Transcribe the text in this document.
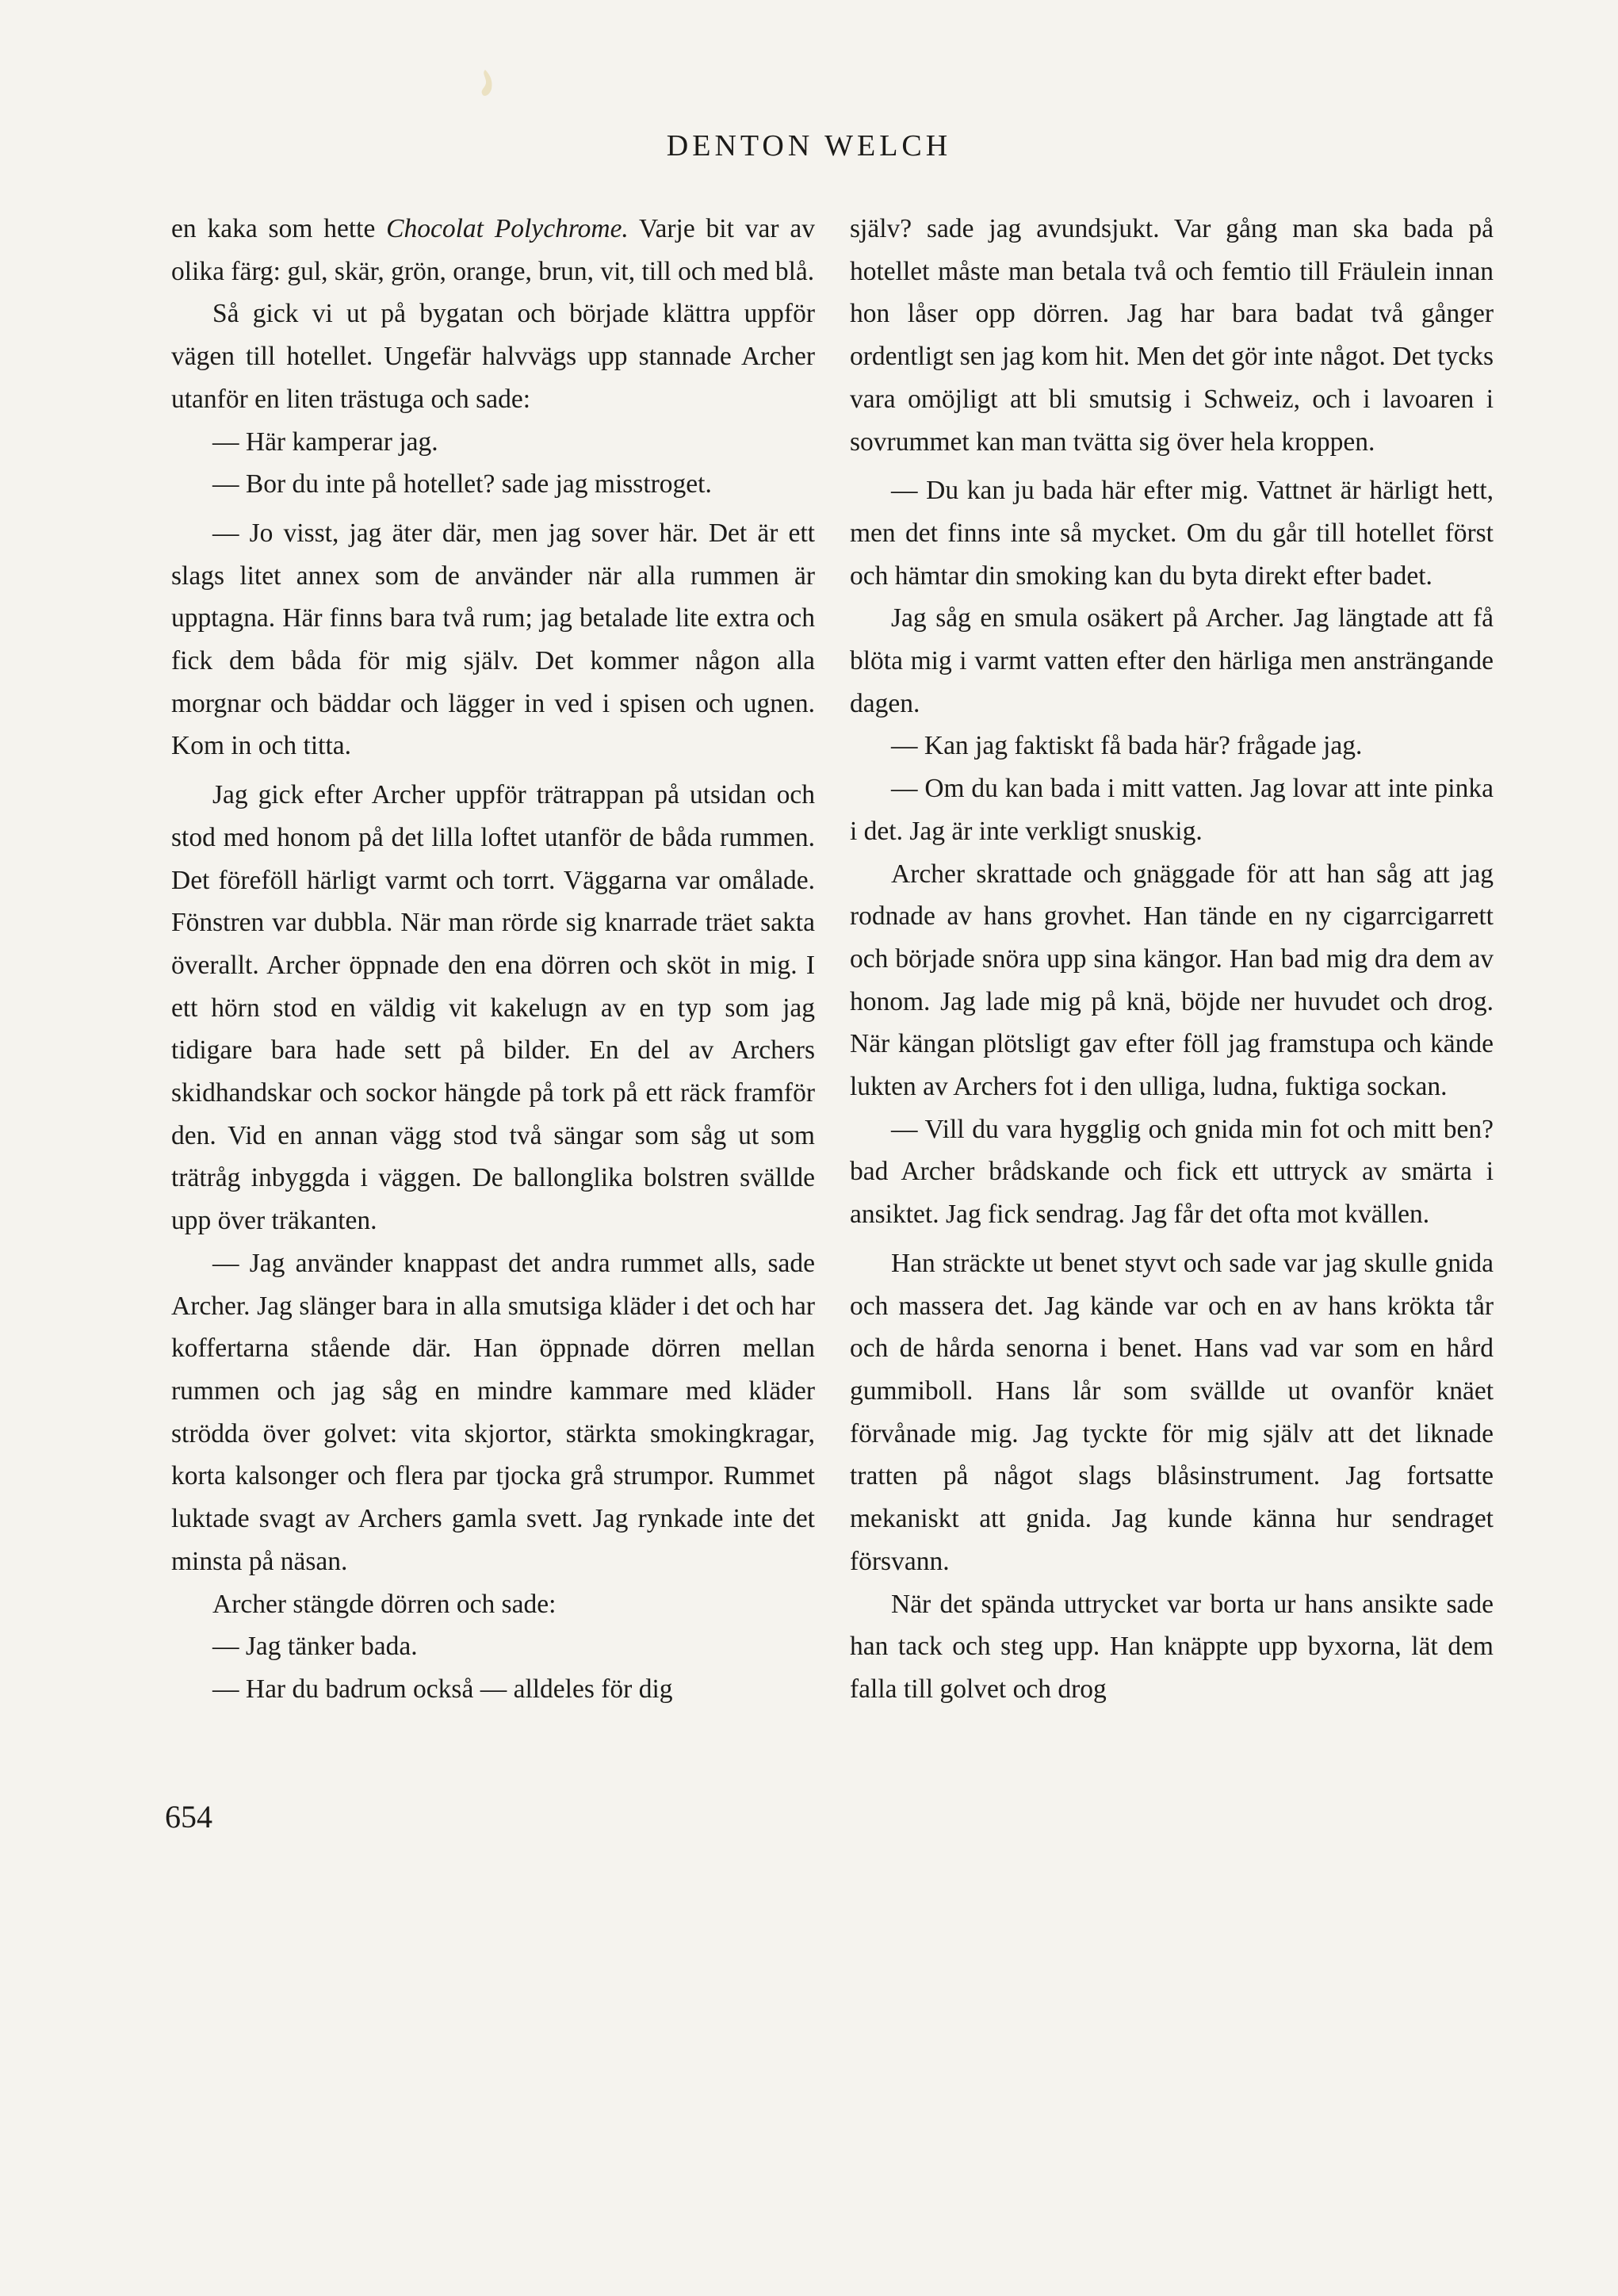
DENTON WELCH

en kaka som hette Chocolat Polychrome. Varje bit var av olika färg: gul, skär, grön, orange, brun, vit, till och med blå.

Så gick vi ut på bygatan och började klättra uppför vägen till hotellet. Ungefär halvvägs upp stannade Archer utanför en liten trästuga och sade:

— Här kamperar jag.

— Bor du inte på hotellet? sade jag misstroget.

— Jo visst, jag äter där, men jag sover här. Det är ett slags litet annex som de använder när alla rummen är upptagna. Här finns bara två rum; jag betalade lite extra och fick dem båda för mig själv. Det kommer någon alla morgnar och bäddar och lägger in ved i spisen och ugnen. Kom in och titta.

Jag gick efter Archer uppför trätrappan på utsidan och stod med honom på det lilla loftet utanför de båda rummen. Det föreföll härligt varmt och torrt. Väggarna var omålade. Fönstren var dubbla. När man rörde sig knarrade träet sakta överallt. Archer öppnade den ena dörren och sköt in mig. I ett hörn stod en väldig vit kakelugn av en typ som jag tidigare bara hade sett på bilder. En del av Archers skidhandskar och sockor hängde på tork på ett räck framför den. Vid en annan vägg stod två sängar som såg ut som trätråg inbyggda i väggen. De ballonglika bolstren svällde upp över träkanten.

— Jag använder knappast det andra rummet alls, sade Archer. Jag slänger bara in alla smutsiga kläder i det och har koffertarna stående där. Han öppnade dörren mellan rummen och jag såg en mindre kammare med kläder strödda över golvet: vita skjortor, stärkta smokingkragar, korta kalsonger och flera par tjocka grå strumpor. Rummet luktade svagt av Archers gamla svett. Jag rynkade inte det minsta på näsan.

Archer stängde dörren och sade:

— Jag tänker bada.

— Har du badrum också — alldeles för dig

själv? sade jag avundsjukt. Var gång man ska bada på hotellet måste man betala två och femtio till Fräulein innan hon låser opp dörren. Jag har bara badat två gånger ordentligt sen jag kom hit. Men det gör inte något. Det tycks vara omöjligt att bli smutsig i Schweiz, och i lavoaren i sovrummet kan man tvätta sig över hela kroppen.

— Du kan ju bada här efter mig. Vattnet är härligt hett, men det finns inte så mycket. Om du går till hotellet först och hämtar din smoking kan du byta direkt efter badet.

Jag såg en smula osäkert på Archer. Jag längtade att få blöta mig i varmt vatten efter den härliga men ansträngande dagen.

— Kan jag faktiskt få bada här? frågade jag.

— Om du kan bada i mitt vatten. Jag lovar att inte pinka i det. Jag är inte verkligt snuskig.

Archer skrattade och gnäggade för att han såg att jag rodnade av hans grovhet. Han tände en ny cigarrcigarrett och började snöra upp sina kängor. Han bad mig dra dem av honom. Jag lade mig på knä, böjde ner huvudet och drog. När kängan plötsligt gav efter föll jag framstupa och kände lukten av Archers fot i den ulliga, ludna, fuktiga sockan.

— Vill du vara hygglig och gnida min fot och mitt ben? bad Archer brådskande och fick ett uttryck av smärta i ansiktet. Jag fick sendrag. Jag får det ofta mot kvällen.

Han sträckte ut benet styvt och sade var jag skulle gnida och massera det. Jag kände var och en av hans krökta tår och de hårda senorna i benet. Hans vad var som en hård gummiboll. Hans lår som svällde ut ovanför knäet förvånade mig. Jag tyckte för mig själv att det liknade tratten på något slags blåsinstrument. Jag fortsatte mekaniskt att gnida. Jag kunde känna hur sendraget försvann.

När det spända uttrycket var borta ur hans ansikte sade han tack och steg upp. Han knäppte upp byxorna, lät dem falla till golvet och drog

654
